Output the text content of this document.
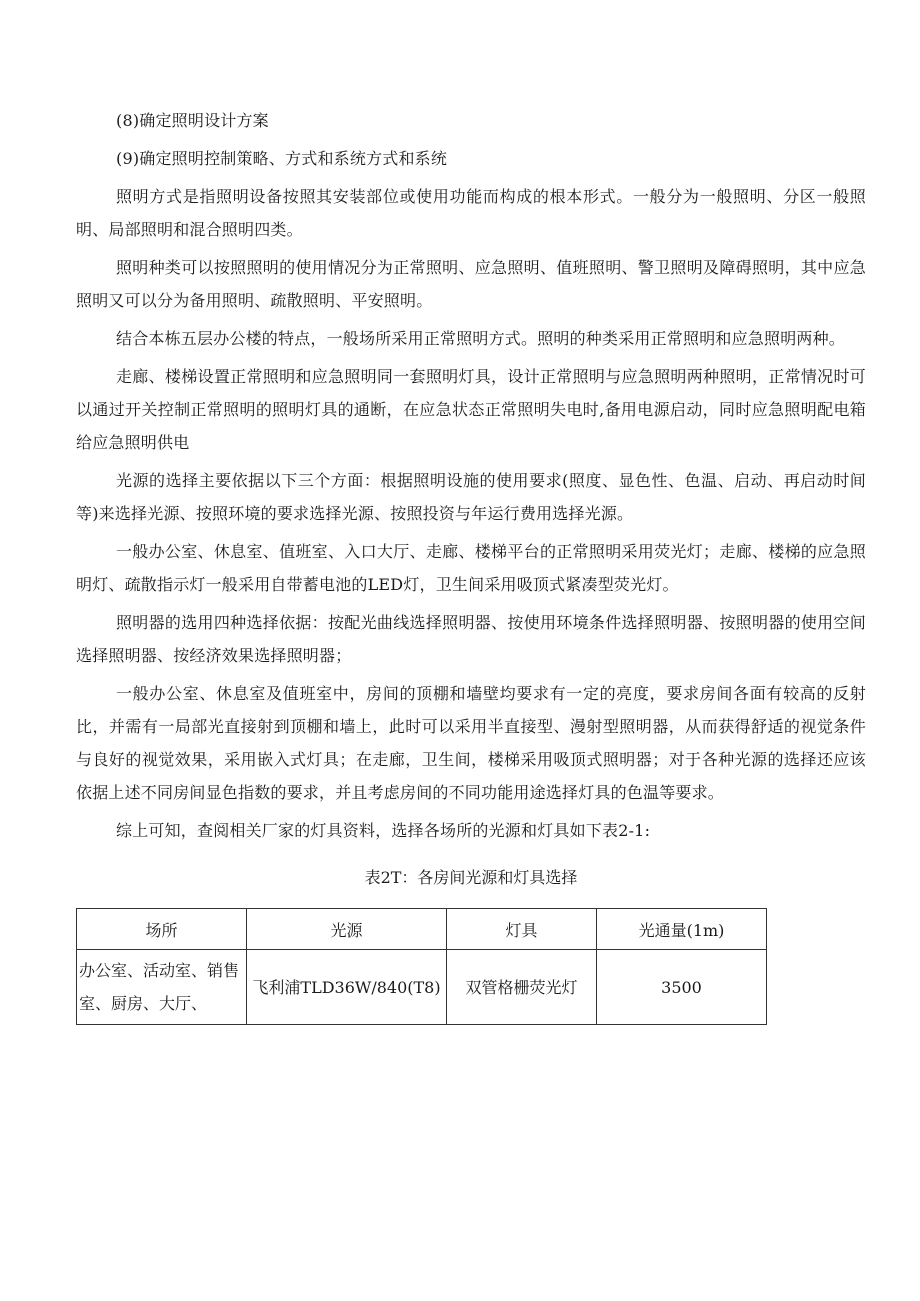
(8)确定照明设计方案

(9)确定照明控制策略、方式和系统方式和系统

照明方式是指照明设备按照其安装部位或使用功能而构成的根本形式。一般分为一般照明、分区一般照明、局部照明和混合照明四类。

照明种类可以按照照明的使用情况分为正常照明、应急照明、值班照明、警卫照明及障碍照明，其中应急照明又可以分为备用照明、疏散照明、平安照明。

结合本栋五层办公楼的特点，一般场所采用正常照明方式。照明的种类采用正常照明和应急照明两种。

走廊、楼梯设置正常照明和应急照明同一套照明灯具，设计正常照明与应急照明两种照明，正常情况时可以通过开关控制正常照明的照明灯具的通断，在应急状态正常照明失电时,备用电源启动，同时应急照明配电箱给应急照明供电

光源的选择主要依据以下三个方面：根据照明设施的使用要求(照度、显色性、色温、启动、再启动时间等)来选择光源、按照环境的要求选择光源、按照投资与年运行费用选择光源。

一般办公室、休息室、值班室、入口大厅、走廊、楼梯平台的正常照明采用荧光灯；走廊、楼梯的应急照明灯、疏散指示灯一般采用自带蓄电池的LED灯，卫生间采用吸顶式紧凑型荧光灯。

照明器的选用四种选择依据：按配光曲线选择照明器、按使用环境条件选择照明器、按照明器的使用空间选择照明器、按经济效果选择照明器；

一般办公室、休息室及值班室中，房间的顶棚和墙壁均要求有一定的亮度，要求房间各面有较高的反射比，并需有一局部光直接射到顶棚和墙上，此时可以采用半直接型、漫射型照明器，从而获得舒适的视觉条件与良好的视觉效果，采用嵌入式灯具；在走廊，卫生间，楼梯采用吸顶式照明器；对于各种光源的选择还应该依据上述不同房间显色指数的要求，并且考虑房间的不同功能用途选择灯具的色温等要求。

综上可知，查阅相关厂家的灯具资料，选择各场所的光源和灯具如下表2-1:

表2T：各房间光源和灯具选择
场所	光源	灯具	光通量(1m)
办公室、活动室、销售室、厨房、大厅、	飞利浦TLD36W/840(T8)	双管格栅荧光灯	3500
